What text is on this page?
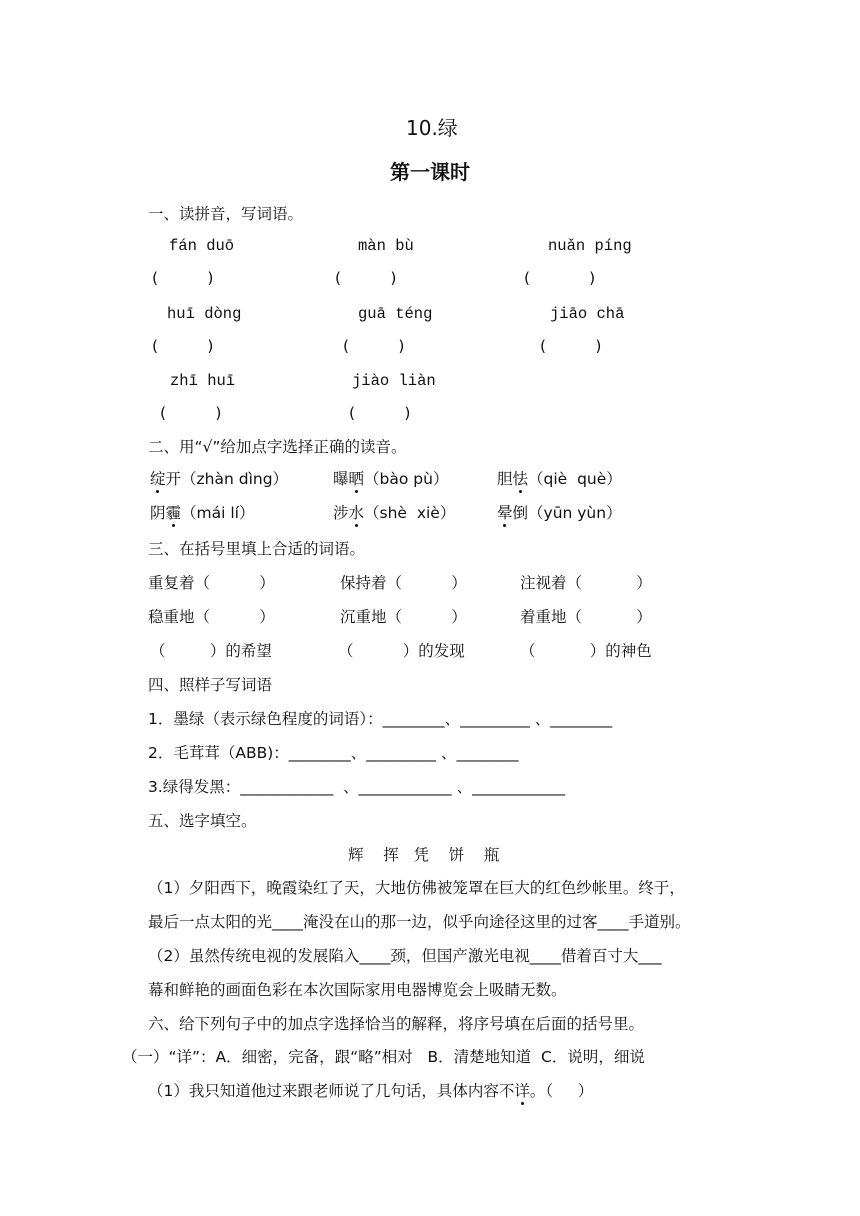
10.绿
第一课时
一、读拼音，写词语。
fán duō	màn bù	nuǎn píng
(          )	(          )	(            )
huī dòng	guā téng	jiāo chā
(          )	(          )	(          )
zhī huī	jiào liàn
(          )	(          )
二、用“√”给加点字选择正确的读音。
绽开（zhàn dìng）	曝晒（bào pù）	胆怯（qiè  què）
阴霾（mái lí）	涉水（shè  xiè）	晕倒（yūn yùn）
三、在括号里填上合适的词语。
重复着（          ）	保持着（          ）	注视着（           ）
稳重地（          ）	沉重地（          ）	着重地（           ）
（         ）的希望	（          ）的发现	（           ）的神色
四、照样子写词语
1．墨绿（表示绿色程度的词语）：________、_________ 、________
2．毛茸茸（ABB)：________、_________ 、________
3.绿得发黑：____________  、____________ 、____________
五、选字填空。
辉    挥   凭    饼    瓶
（1）夕阳西下，晚霞染红了天，大地仿佛被笼罩在巨大的红色纱帐里。终于，
最后一点太阳的光____淹没在山的那一边，似乎向途径这里的过客____手道别。
（2）虽然传统电视的发展陷入____颈，但国产激光电视____借着百寸大___
幕和鲜艳的画面色彩在本次国际家用电器博览会上吸睛无数。
六、给下列句子中的加点字选择恰当的解释，将序号填在后面的括号里。
（一）“详”：A．细密，完备，跟“略”相对   B．清楚地知道  C．说明，细说
（1）我只知道他过来跟老师说了几句话，具体内容不详。（     ）
